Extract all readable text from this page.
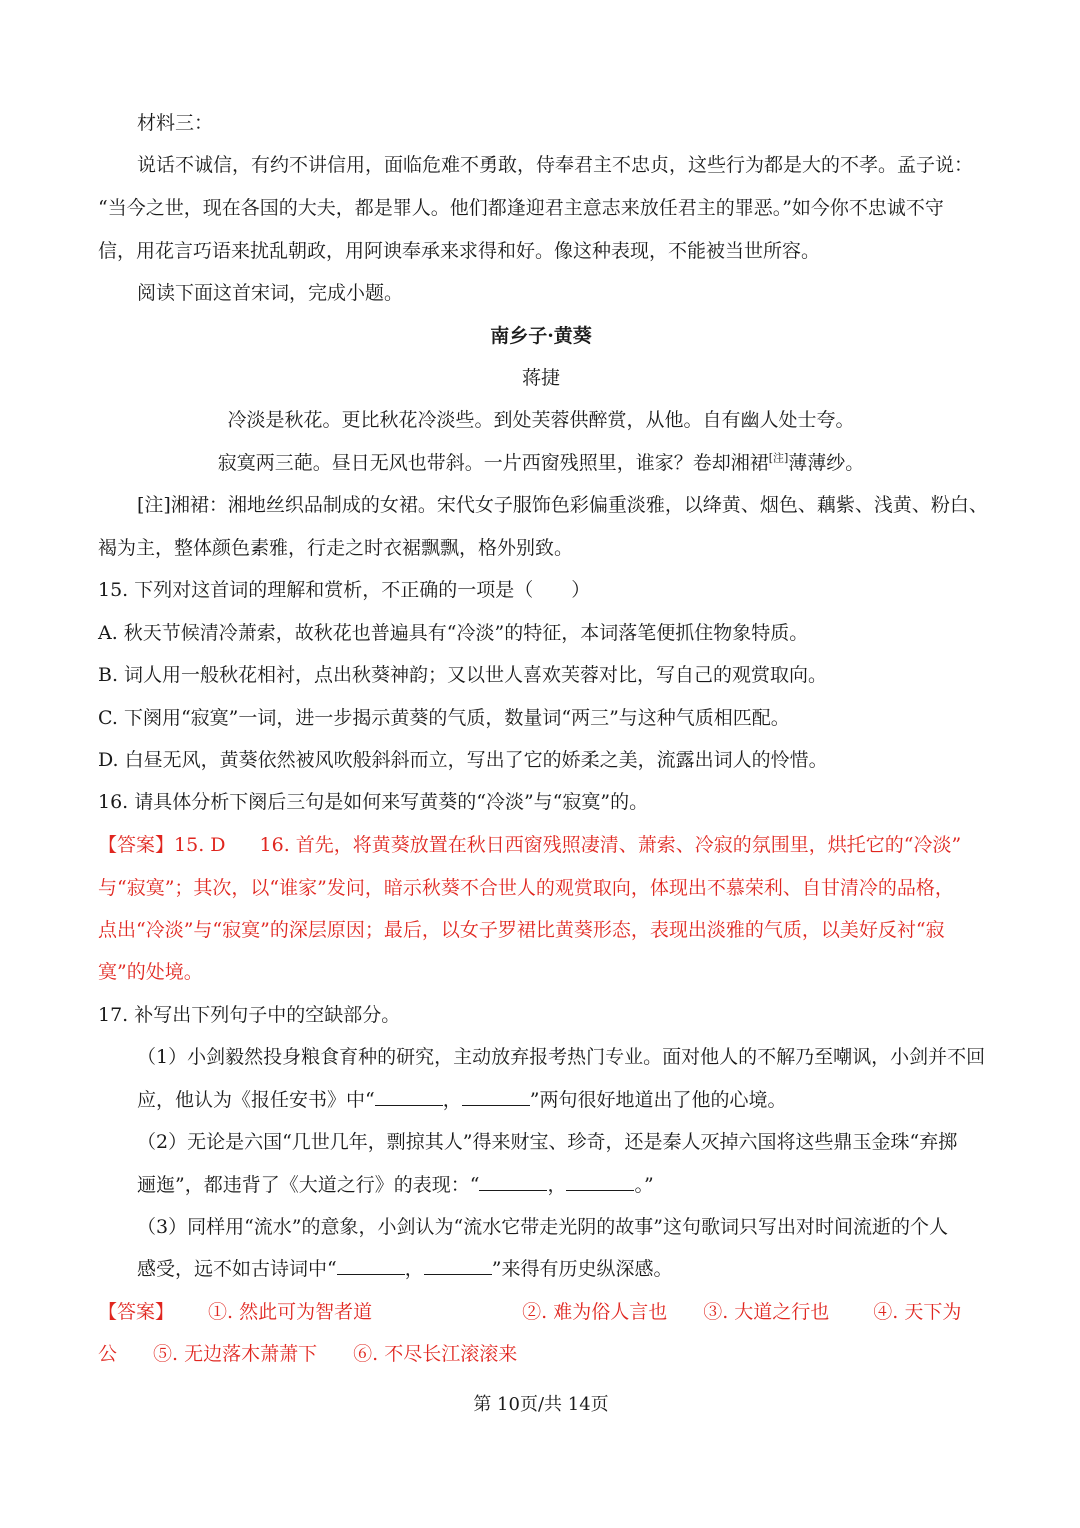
材料三：
说话不诚信，有约不讲信用，面临危难不勇敢，侍奉君主不忠贞，这些行为都是大的不孝。孟子说：
“当今之世，现在各国的大夫，都是罪人。他们都逢迎君主意志来放任君主的罪恶。”如今你不忠诚不守
信，用花言巧语来扰乱朝政，用阿谀奉承来求得和好。像这种表现，不能被当世所容。
阅读下面这首宋词，完成小题。
南乡子·黄葵
蒋捷
冷淡是秋花。更比秋花冷淡些。到处芙蓉供醉赏，从他。自有幽人处士夸。
寂寞两三葩。昼日无风也带斜。一片西窗残照里，谁家？卷却湘裙[注]薄薄纱。
[注]湘裙：湘地丝织品制成的女裙。宋代女子服饰色彩偏重淡雅，以绛黄、烟色、藕紫、浅黄、粉白、
褐为主，整体颜色素雅，行走之时衣裾飘飘，格外别致。
15. 下列对这首词的理解和赏析，不正确的一项是（　　）
A. 秋天节候清冷萧索，故秋花也普遍具有“冷淡”的特征，本词落笔便抓住物象特质。
B. 词人用一般秋花相衬，点出秋葵神韵；又以世人喜欢芙蓉对比，写自己的观赏取向。
C. 下阕用“寂寞”一词，进一步揭示黄葵的气质，数量词“两三”与这种气质相匹配。
D. 白昼无风，黄葵依然被风吹般斜斜而立，写出了它的娇柔之美，流露出词人的怜惜。
16. 请具体分析下阕后三句是如何来写黄葵的“冷淡”与“寂寞”的。
【答案】15. D 16. 首先，将黄葵放置在秋日西窗残照凄清、萧索、冷寂的氛围里，烘托它的“冷淡”
与“寂寞”；其次，以“谁家”发问，暗示秋葵不合世人的观赏取向，体现出不慕荣利、自甘清冷的品格，
点出“冷淡”与“寂寞”的深层原因；最后，以女子罗裙比黄葵形态，表现出淡雅的气质，以美好反衬“寂
寞”的处境。
17. 补写出下列句子中的空缺部分。
（1）小剑毅然投身粮食育种的研究，主动放弃报考热门专业。面对他人的不解乃至嘲讽，小剑并不回
应，他认为《报任安书》中“	，	”两句很好地道出了他的心境。
（2）无论是六国“几世几年，剽掠其人”得来财宝、珍奇，还是秦人灭掉六国将这些鼎玉金珠“弃掷
逦迤”，都违背了《大道之行》的表现：“	，	。”
（3）同样用“流水”的意象，小剑认为“流水它带走光阴的故事”这句歌词只写出对时间流逝的个人
感受，远不如古诗词中“	，	”来得有历史纵深感。
【答案】 ①. 然此可为智者道	②. 难为俗人言也 ③. 大道之行也 ④. 天下为
公 ⑤. 无边落木萧萧下 ⑥. 不尽长江滚滚来
第 10页/共 14页
